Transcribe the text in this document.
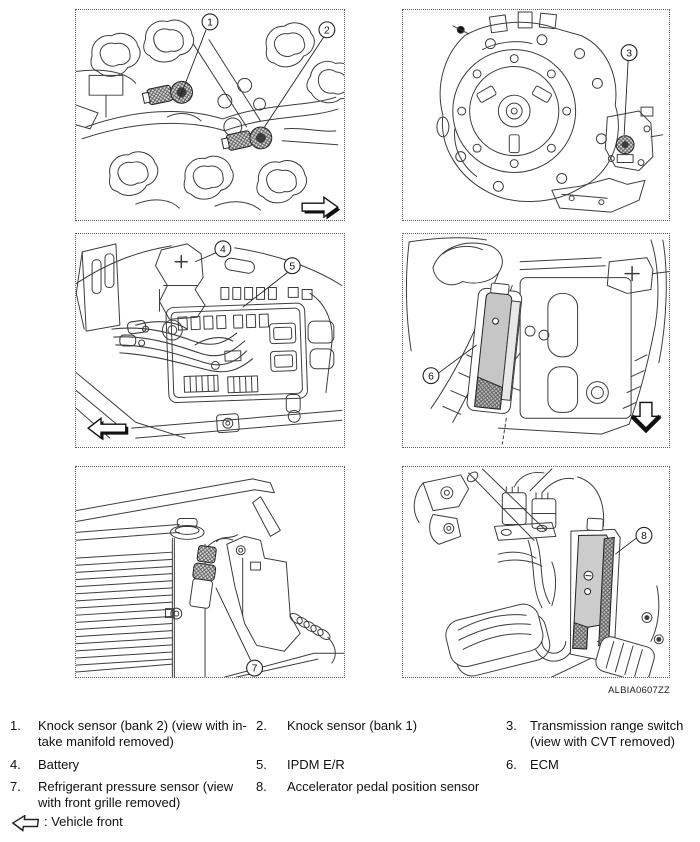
1
2
3
4
5
6
7
8
ALBIA0607ZZ
1. Knock sensor (bank 2) (view with in-
take manifold removed)
2. Knock sensor (bank 1)	3. Transmission range switch
(view with CVT removed)
4. Battery	5. IPDM E/R	6. ECM
7. Refrigerant pressure sensor (view
with front grille removed)
8. Accelerator pedal position sensor
: Vehicle front
